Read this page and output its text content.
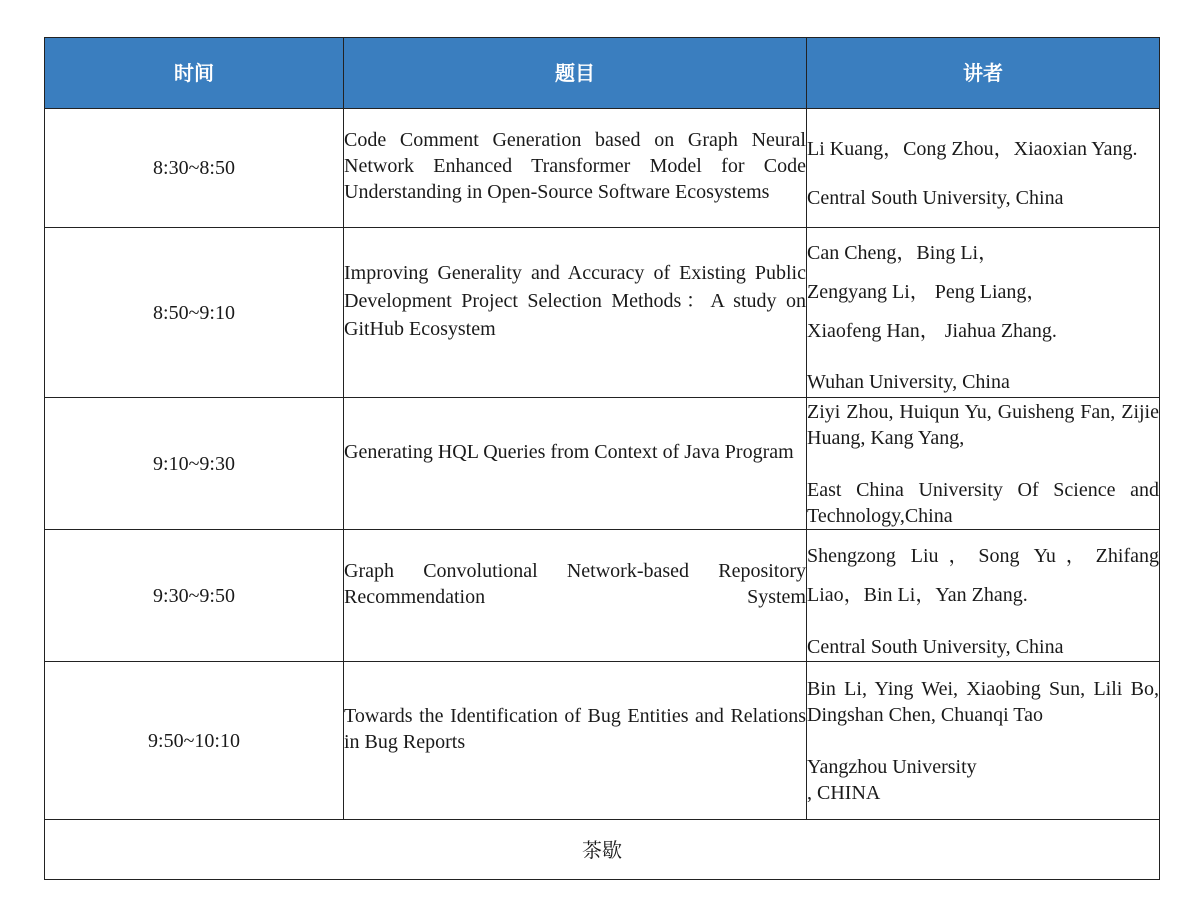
时间	题目	讲者
8:30~8:50	Code Comment Generation based on Graph Neural Network Enhanced Transformer Model for Code Understanding in Open-Source Software Ecosystems	Li Kuang，Cong Zhou，Xiaoxian Yang.
Central South University, China

8:50~9:10	Improving Generality and Accuracy of Existing Public Development Project Selection Methods：A study on GitHub Ecosystem	Can Cheng，Bing Li，
Zengyang Li， Peng Liang，
Xiaofeng Han， Jiahua Zhang.
Wuhan University, China

9:10~9:30	Generating HQL Queries from Context of Java Program	Ziyi Zhou, Huiqun Yu, Guisheng Fan, Zijie Huang, Kang Yang,
East China University Of Science and Technology,China

9:30~9:50	Graph Convolutional Network-based Repository Recommendation System	Shengzong Liu，Song Yu，Zhifang Liao，Bin Li，Yan Zhang.
Central South University, China

9:50~10:10	Towards the Identification of Bug Entities and Relations in Bug Reports	Bin Li, Ying Wei, Xiaobing Sun, Lili Bo, Dingshan Chen, Chuanqi Tao
Yangzhou University
, CHINA

茶歇		
